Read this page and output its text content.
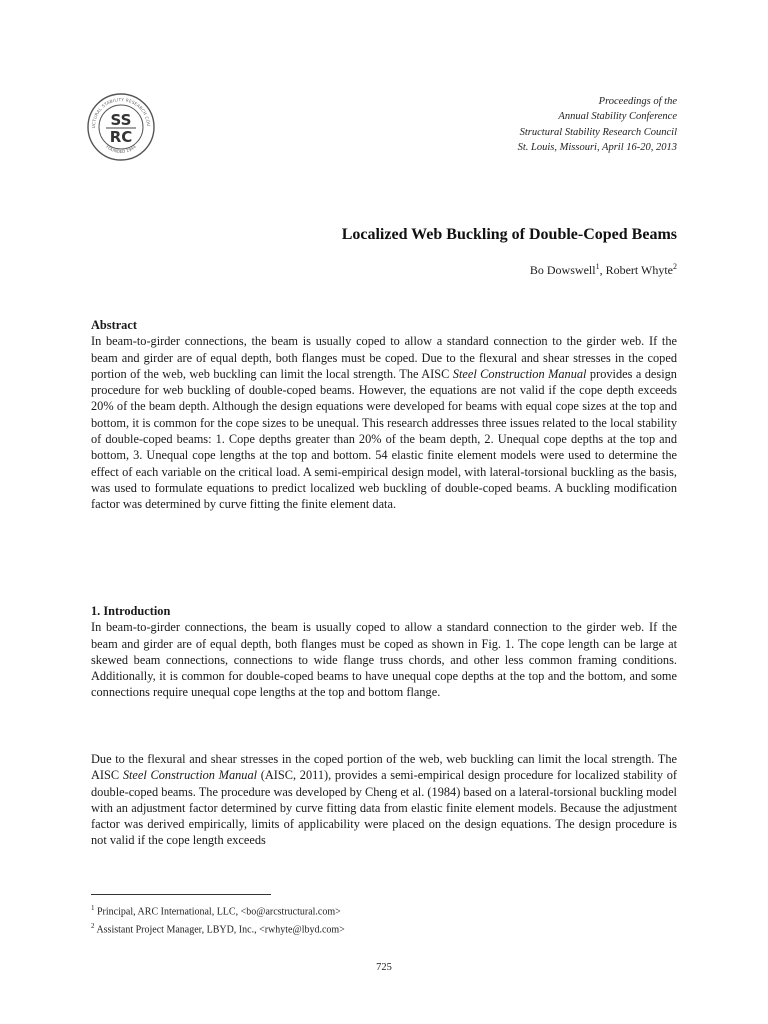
UCTURAL STABILITY RESEARCH COU
FOUNDED 1944
SS
RC
Proceedings of the
Annual Stability Conference
Structural Stability Research Council
St. Louis, Missouri, April 16-20, 2013
Localized Web Buckling of Double-Coped Beams
Bo Dowswell$^1$, Robert Whyte$^2$
Abstract
In beam-to-girder connections, the beam is usually coped to allow a standard connection to the girder web. If the beam and girder are of equal depth, both flanges must be coped. Due to the flexural and shear stresses in the coped portion of the web, web buckling can limit the local strength. The AISC Steel Construction Manual provides a design procedure for web buckling of double-coped beams. However, the equations are not valid if the cope depth exceeds 20% of the beam depth. Although the design equations were developed for beams with equal cope sizes at the top and bottom, it is common for the cope sizes to be unequal. This research addresses three issues related to the local stability of double-coped beams: 1. Cope depths greater than 20% of the beam depth, 2. Unequal cope depths at the top and bottom, 3. Unequal cope lengths at the top and bottom. 54 elastic finite element models were used to determine the effect of each variable on the critical load. A semi-empirical design model, with lateral-torsional buckling as the basis, was used to formulate equations to predict localized web buckling of double-coped beams. A buckling modification factor was determined by curve fitting the finite element data.
1. Introduction
In beam-to-girder connections, the beam is usually coped to allow a standard connection to the girder web. If the beam and girder are of equal depth, both flanges must be coped as shown in Fig. 1. The cope length can be large at skewed beam connections, connections to wide flange truss chords, and other less common framing conditions. Additionally, it is common for double-coped beams to have unequal cope depths at the top and the bottom, and some connections require unequal cope lengths at the top and bottom flange.
Due to the flexural and shear stresses in the coped portion of the web, web buckling can limit the local strength. The AISC Steel Construction Manual (AISC, 2011), provides a semi-empirical design procedure for localized stability of double-coped beams. The procedure was developed by Cheng et al. (1984) based on a lateral-torsional buckling model with an adjustment factor determined by curve fitting data from elastic finite element models. Because the adjustment factor was derived empirically, limits of applicability were placed on the design equations. The design procedure is not valid if the cope length exceeds
$^1$ Principal, ARC International, LLC, <bo@arcstructural.com>
$^2$ Assistant Project Manager, LBYD, Inc., <rwhyte@lbyd.com>
725
